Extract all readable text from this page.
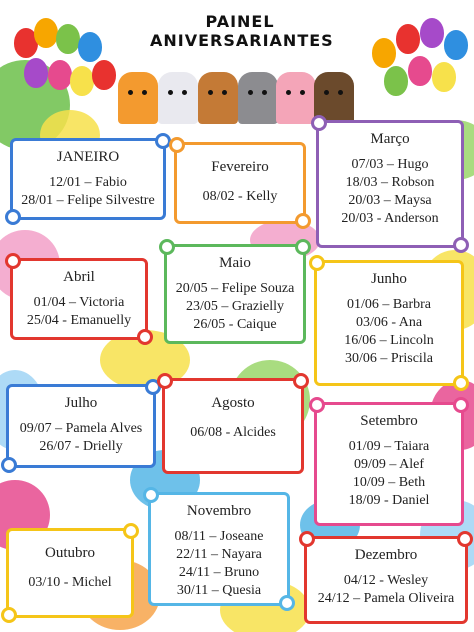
PAINEL
ANIVERSARIANTES
JANEIRO
12/01 – Fabio
28/01 – Felipe Silvestre
Fevereiro
08/02 - Kelly
Março
07/03 – Hugo
18/03 – Robson
20/03 – Maysa
20/03 - Anderson
Abril
01/04 – Victoria
25/04 - Emanuelly
Maio
20/05 – Felipe Souza
23/05 – Grazielly
26/05 - Caique
Junho
01/06 – Barbra
03/06 - Ana
16/06 – Lincoln
30/06 – Priscila
Julho
09/07 – Pamela Alves
26/07 - Drielly
Agosto
06/08 - Alcides
Setembro
01/09 – Taiara
09/09 – Alef
10/09 – Beth
18/09 - Daniel
Outubro
03/10 - Michel
Novembro
08/11 – Joseane
22/11 – Nayara
24/11 – Bruno
30/11 – Quesia
Dezembro
04/12 - Wesley
24/12 – Pamela Oliveira
